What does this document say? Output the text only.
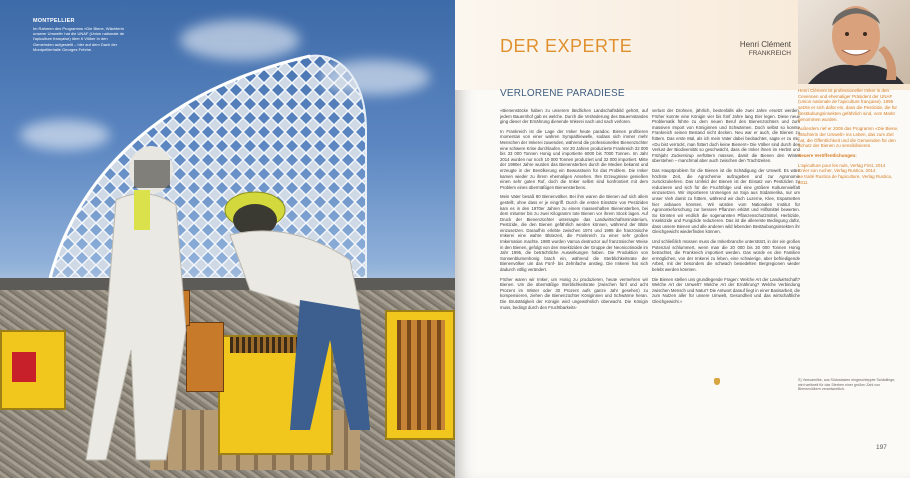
MONTPELLIER
Im Rahmen des Programms «Die Biene, Wächterin unserer Umwelt» hat die UNAF (Union nationale de l'apiculture française) über 6 Völker in den Gemeinden aufgestellt – hier auf dem Dach der Montpellierhalle Georges Frêche.	DER EXPERTE	Henri Clément
FRANKREICH
VERLORENE PARADIESE

«Bienenstöcke haben zu unserem ländlichen Landschaftsbild gehört, auf jedem Bauernhof gab es welche. Durch die Veränderung des Bauernstandes ging dieser der Ernährung dienende Imkerei nach und nach verloren.

In Frankreich ist die Lage der Imker heute paradox. Bienen profitieren momentan von einer wahren Sympathiewelle, sodass sich immer mehr Menschen der Imkerei zuwenden, während die professionellen Bienenzüchter eine schwere Krise durchlaufen. Vor 20 Jahren produzierte Frankreich 32 000 bis 33 000 Tonnen Honig und importierte 6000 bis 7000 Tonnen. Im Jahr 2014 wurden nur noch 10 000 Tonnen produziert und 32 000 importiert. Mitte der 1990er Jahre wurden das Bienensterben durch die Medien bekannt und erzeugte in der Bevölkerung ein Bewusstsein für das Problem. Die Imker kamen wieder zu ihrem ehemaligen Ansehen. Ihre Erzeugnisse genießen einen sehr guten Ruf, doch die Imker selbst sind konfrontiert mit dem Problem eines übermäßigen Bienensterbens.

Mein Vater besaß 80 Bienenvölker. Bei ihm waren die Bienen auf sich allein gestellt, ohne dass er je eingriff. Durch die ersten Einsätze von Pestiziden kam es in den 1970er Jahren zu einem massenhaften Bienensterben, bei dem mitunter bis zu zwei Kilogramm tote Bienen vor ihrem Stock lagen. Auf Druck der Bienenzüchter untersagte das Landwirtschaftsministerium, Pestizide, die den Bienen gefährlich werden können, während der Blüte einzusetzen. Daraufhin erlebte zwischen 1974 und 1995 die französische Imkerei eine wahre Blütezeit, die Frankreich zu einer sehr großen Imkernation machte. 1980 wurden Varroa destructor auf französischer Weise in den Bienen, gefolgt von den Insektiziden der Gruppe der Neonicotinoide im Jahr 1995, die beträchtliche Auswirkungen haben. Die Produktion von Sonnenblumenhonig brach ein, während die Sterblichkeitsrate der Bienenvölker um das Fünf- bis Zehnfache anstieg. Die Imkerei hat sich dadurch völlig verändert.

Früher waren wir Imker, um Honig zu produzieren, heute vermehren wir Bienen. Um die übermäßige Sterblichkeitsrate (zwischen fünf und acht Prozent im Winter oder 30 Prozent aufs ganze Jahr gesehen) zu kompensieren, ziehen die Bienenzüchter Königinnen und Schwärme heran. Die Brutstätigkeit der Königin wird ungewöhnlich überwacht. Die Königin muss, bedingt durch den Fruchtbarkeits-

verlust der Drohnen, jährlich, bestenfalls alle zwei Jahre ersetzt werden. Früher konnte eine Königin vier bis fünf Jahre lang Eier legen. Diese neue Problematik führte zu dem neuen Beruf des Bienenzüchters und zum massiven Import von Königinnen und Schwärmen. Doch selbst so konnte Frankreich seinen Bestand nicht decken. Neu war er auch, die Bienen zu füttern. Das erste Mal, als ich mein Vater dabei beobachtet, sagte er zu mir: «Du bist verrückt, man füttert doch keine Bienen!» Die Völker sind durch den Verlust der Biodiversität so geschwächt, dass die Imker ihnen im Herbst und Frühjahr Zuckersirup verfüttern müssen, damit die Bienen den Winter überstehen – manchmal aber auch zwischen den Trachtzeiten.

Das Hauptproblem für die Bienen ist die Schädigung der Umwelt. Es wäre höchste Zeit, die Agrochemie aufzugeben und zur Agronomie zurückzukehren. Das Umfeld der Bienen ist der Einsatz von Pestiziden zu reduzieren und sich für die Fruchtfolge und eine größere Kulturenvielfalt einzusetzen. Wir importieren Unmengen an Soja aus Südamerika, nur um unser Vieh damit zu füttern, während wir doch Luzerne, Klee, Esparsetten hier anbauen könnten. Wir würden vom Nationalen Institut für Agronomieforschung zur bessere Pflanzen erklärt und Hilfsmittel bewerten. So könnten wir endlich die sogenannten Pflanzenschutzmittel, Herbizide, Insektizide und Fungizide reduzieren. Das ist die allererste Bedingung dafür, dass unsere Bienen und alle anderen wild lebenden Bestäubungsinsekten ihr Gleichgewicht wiederfinden können.

Und schließlich müssen muss die Imkerbranche unterstützt, in der ein großes Potenzial schlummert, wenn man die 20 000 bis 30 000 Tonnen Honig betrachtet, die Frankreich importiert werden. Das würde es den Familien ermöglichen, von der Imkerei zu leben, eine schwierige, aber befriedigende Arbeit, mit der besonders die schwach besiedelten Bergregionen wieder belebt werden könnten.

Die Bienen stellen uns grundlegende Fragen: Welche Art der Landwirtschaft? Welche Art der Umwelt? Welche Art der Ernährung? Welche Verbindung zwischen Mensch und Natur? Die Antwort darauf liegt in einer Basisarbeit, die zum Nutzen aller für unsere Umwelt, Gesundheit und das wirtschaftliche Gleichgewicht.»

Henri Clément ist professioneller Imker in den Cevennen und ehemaliger Präsident der UNAF (Union nationale de l'apiculture française). 1996 setzte er sich dafür ein, dass die Pestizide, die für Bestäubungsinsekten gefährlich sind, vom Markt genommen wurden.

Außerdem rief er 2005 das Programm «Die Biene, Wächterin der Umwelt» ins Leben, das zum Ziel hat, die Öffentlichkeit und die Gemeinden für den Schutz der Bienen zu sensibilisieren.

Neuere Veröffentlichungen:

L'apiculture pour les nuls, Verlag First, 2014
Créer son rucher, Verlag Rustica, 2014
Le traité Rustica de l'apiculture, Verlag Rustica, 2011

S) Varroamilbe, aus Südostasien eingeschleppte Schädlinge, wird weltweit für das Sterben einer großen Zahl von Bienenvölkern verantwortlich.
197
